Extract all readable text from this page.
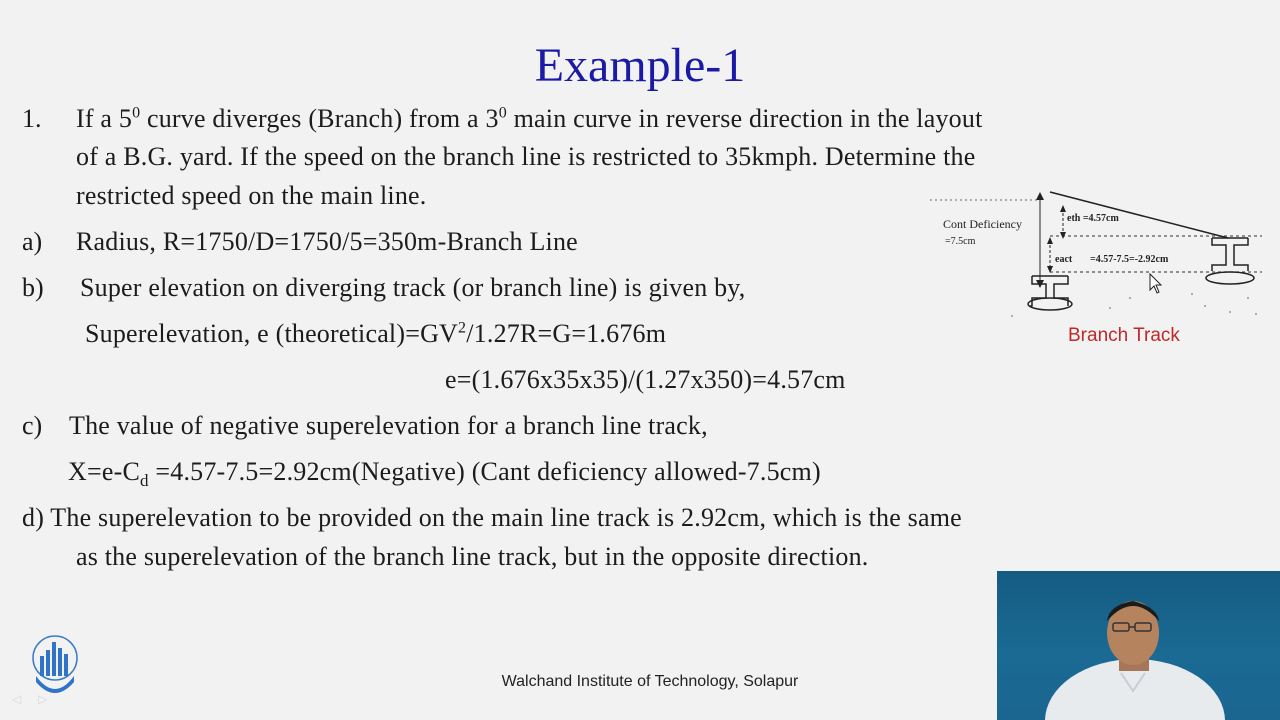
Example-1
1. If a $5^0$ curve diverges (Branch) from a $3^0$ main curve in reverse direction in the layout
of a B.G. yard. If the speed on the branch line is restricted to 35kmph. Determine the
restricted speed on the main line.
a) Radius, R=1750/D=1750/5=350m-Branch Line
b) Super elevation on diverging track (or branch line) is given by,
Superelevation, e $(theoretical)=GV^2/1.27R=G=1.676m$
e=(1.676x35x35)/(1.27x350)=4.57cm
c) The value of negative superelevation for a branch line track,
$X=e-C_d$ =4.57-7.5=2.92cm(Negative) (Cant deficiency allowed-7.5cm)
d) The superelevation to be provided on the main line track is 2.92cm, which is the same
as the superelevation of the branch line track, but in the opposite direction.
Cont Deficiency
=7.5cm
eth =4.57cm
eact =4.57-7.5=-2.92cm
Branch Track
Walchand Institute of Technology, Solapur
◁	▷
